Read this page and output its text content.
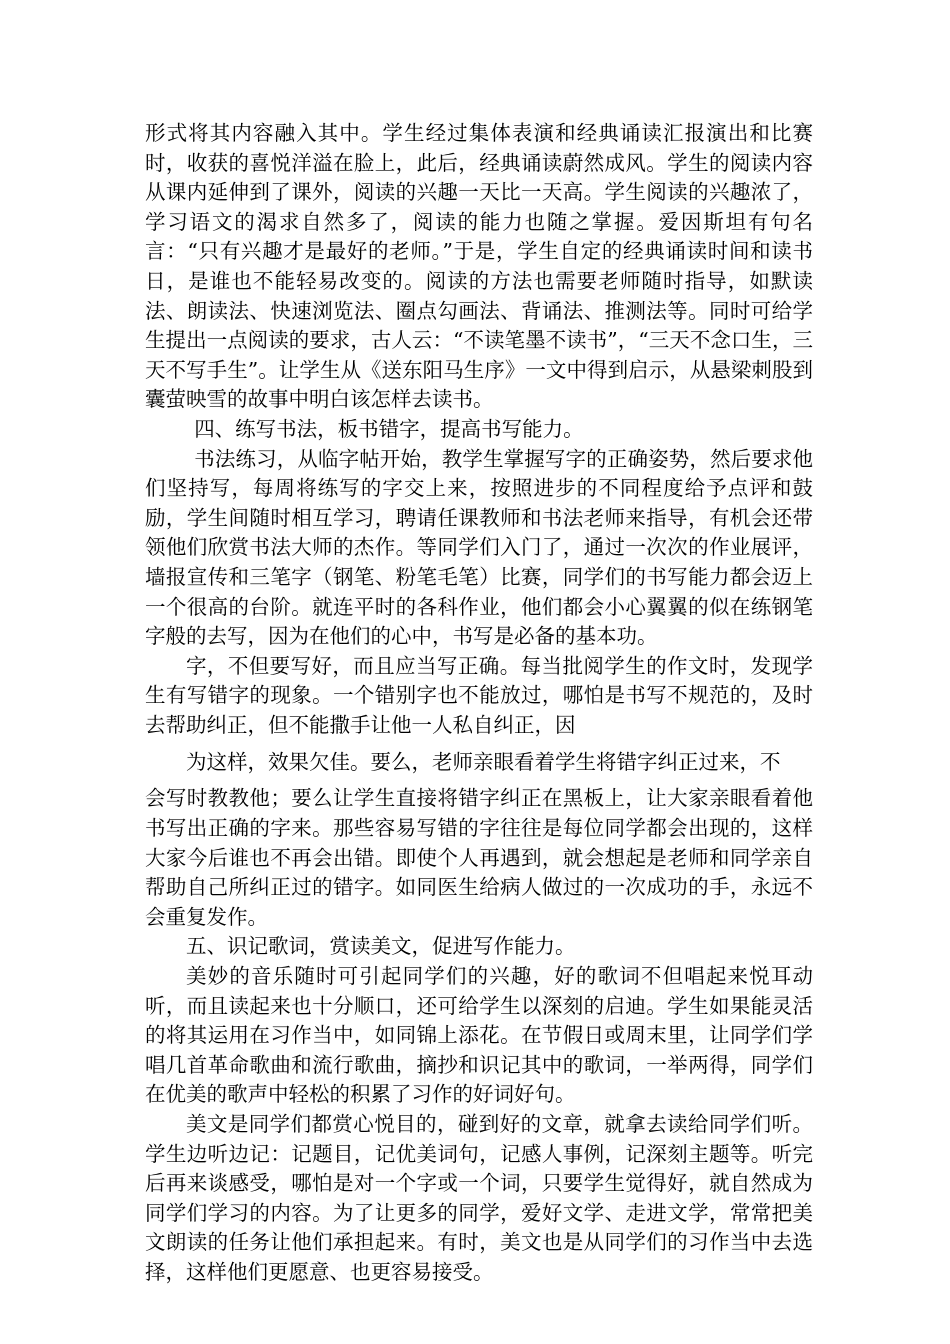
形式将其内容融入其中。学生经过集体表演和经典诵读汇报演出和比赛时，收获的喜悦洋溢在脸上，此后，经典诵读蔚然成风。学生的阅读内容从课内延伸到了课外，阅读的兴趣一天比一天高。学生阅读的兴趣浓了，学习语文的渴求自然多了，阅读的能力也随之掌握。爱因斯坦有句名言：“只有兴趣才是最好的老师。”于是，学生自定的经典诵读时间和读书日，是谁也不能轻易改变的。阅读的方法也需要老师随时指导，如默读法、朗读法、快速浏览法、圈点勾画法、背诵法、推测法等。同时可给学生提出一点阅读的要求，古人云：“不读笔墨不读书”，“三天不念口生，三天不写手生”。让学生从《送东阳马生序》一文中得到启示，从悬梁刺股到囊萤映雪的故事中明白该怎样去读书。

四、练写书法，板书错字，提高书写能力。

书法练习，从临字帖开始，教学生掌握写字的正确姿势，然后要求他们坚持写，每周将练写的字交上来，按照进步的不同程度给予点评和鼓励，学生间随时相互学习，聘请任课教师和书法老师来指导，有机会还带领他们欣赏书法大师的杰作。等同学们入门了，通过一次次的作业展评，墙报宣传和三笔字（钢笔、粉笔毛笔）比赛，同学们的书写能力都会迈上一个很高的台阶。就连平时的各科作业，他们都会小心翼翼的似在练钢笔字般的去写，因为在他们的心中，书写是必备的基本功。

字，不但要写好，而且应当写正确。每当批阅学生的作文时，发现学生有写错字的现象。一个错别字也不能放过，哪怕是书写不规范的，及时去帮助纠正，但不能撒手让他一人私自纠正，因
为这样，效果欠佳。要么，老师亲眼看着学生将错字纠正过来，不
会写时教教他；要么让学生直接将错字纠正在黑板上，让大家亲眼看着他书写出正确的字来。那些容易写错的字往往是每位同学都会出现的，这样大家今后谁也不再会出错。即使个人再遇到，就会想起是老师和同学亲自帮助自己所纠正过的错字。如同医生给病人做过的一次成功的手，永远不会重复发作。

五、识记歌词，赏读美文，促进写作能力。

美妙的音乐随时可引起同学们的兴趣，好的歌词不但唱起来悦耳动听，而且读起来也十分顺口，还可给学生以深刻的启迪。学生如果能灵活的将其运用在习作当中，如同锦上添花。在节假日或周末里，让同学们学唱几首革命歌曲和流行歌曲，摘抄和识记其中的歌词，一举两得，同学们在优美的歌声中轻松的积累了习作的好词好句。

美文是同学们都赏心悦目的，碰到好的文章，就拿去读给同学们听。学生边听边记：记题目，记优美词句，记感人事例，记深刻主题等。听完后再来谈感受，哪怕是对一个字或一个词，只要学生觉得好，就自然成为同学们学习的内容。为了让更多的同学，爱好文学、走进文学，常常把美文朗读的任务让他们承担起来。有时，美文也是从同学们的习作当中去选择，这样他们更愿意、也更容易接受。
